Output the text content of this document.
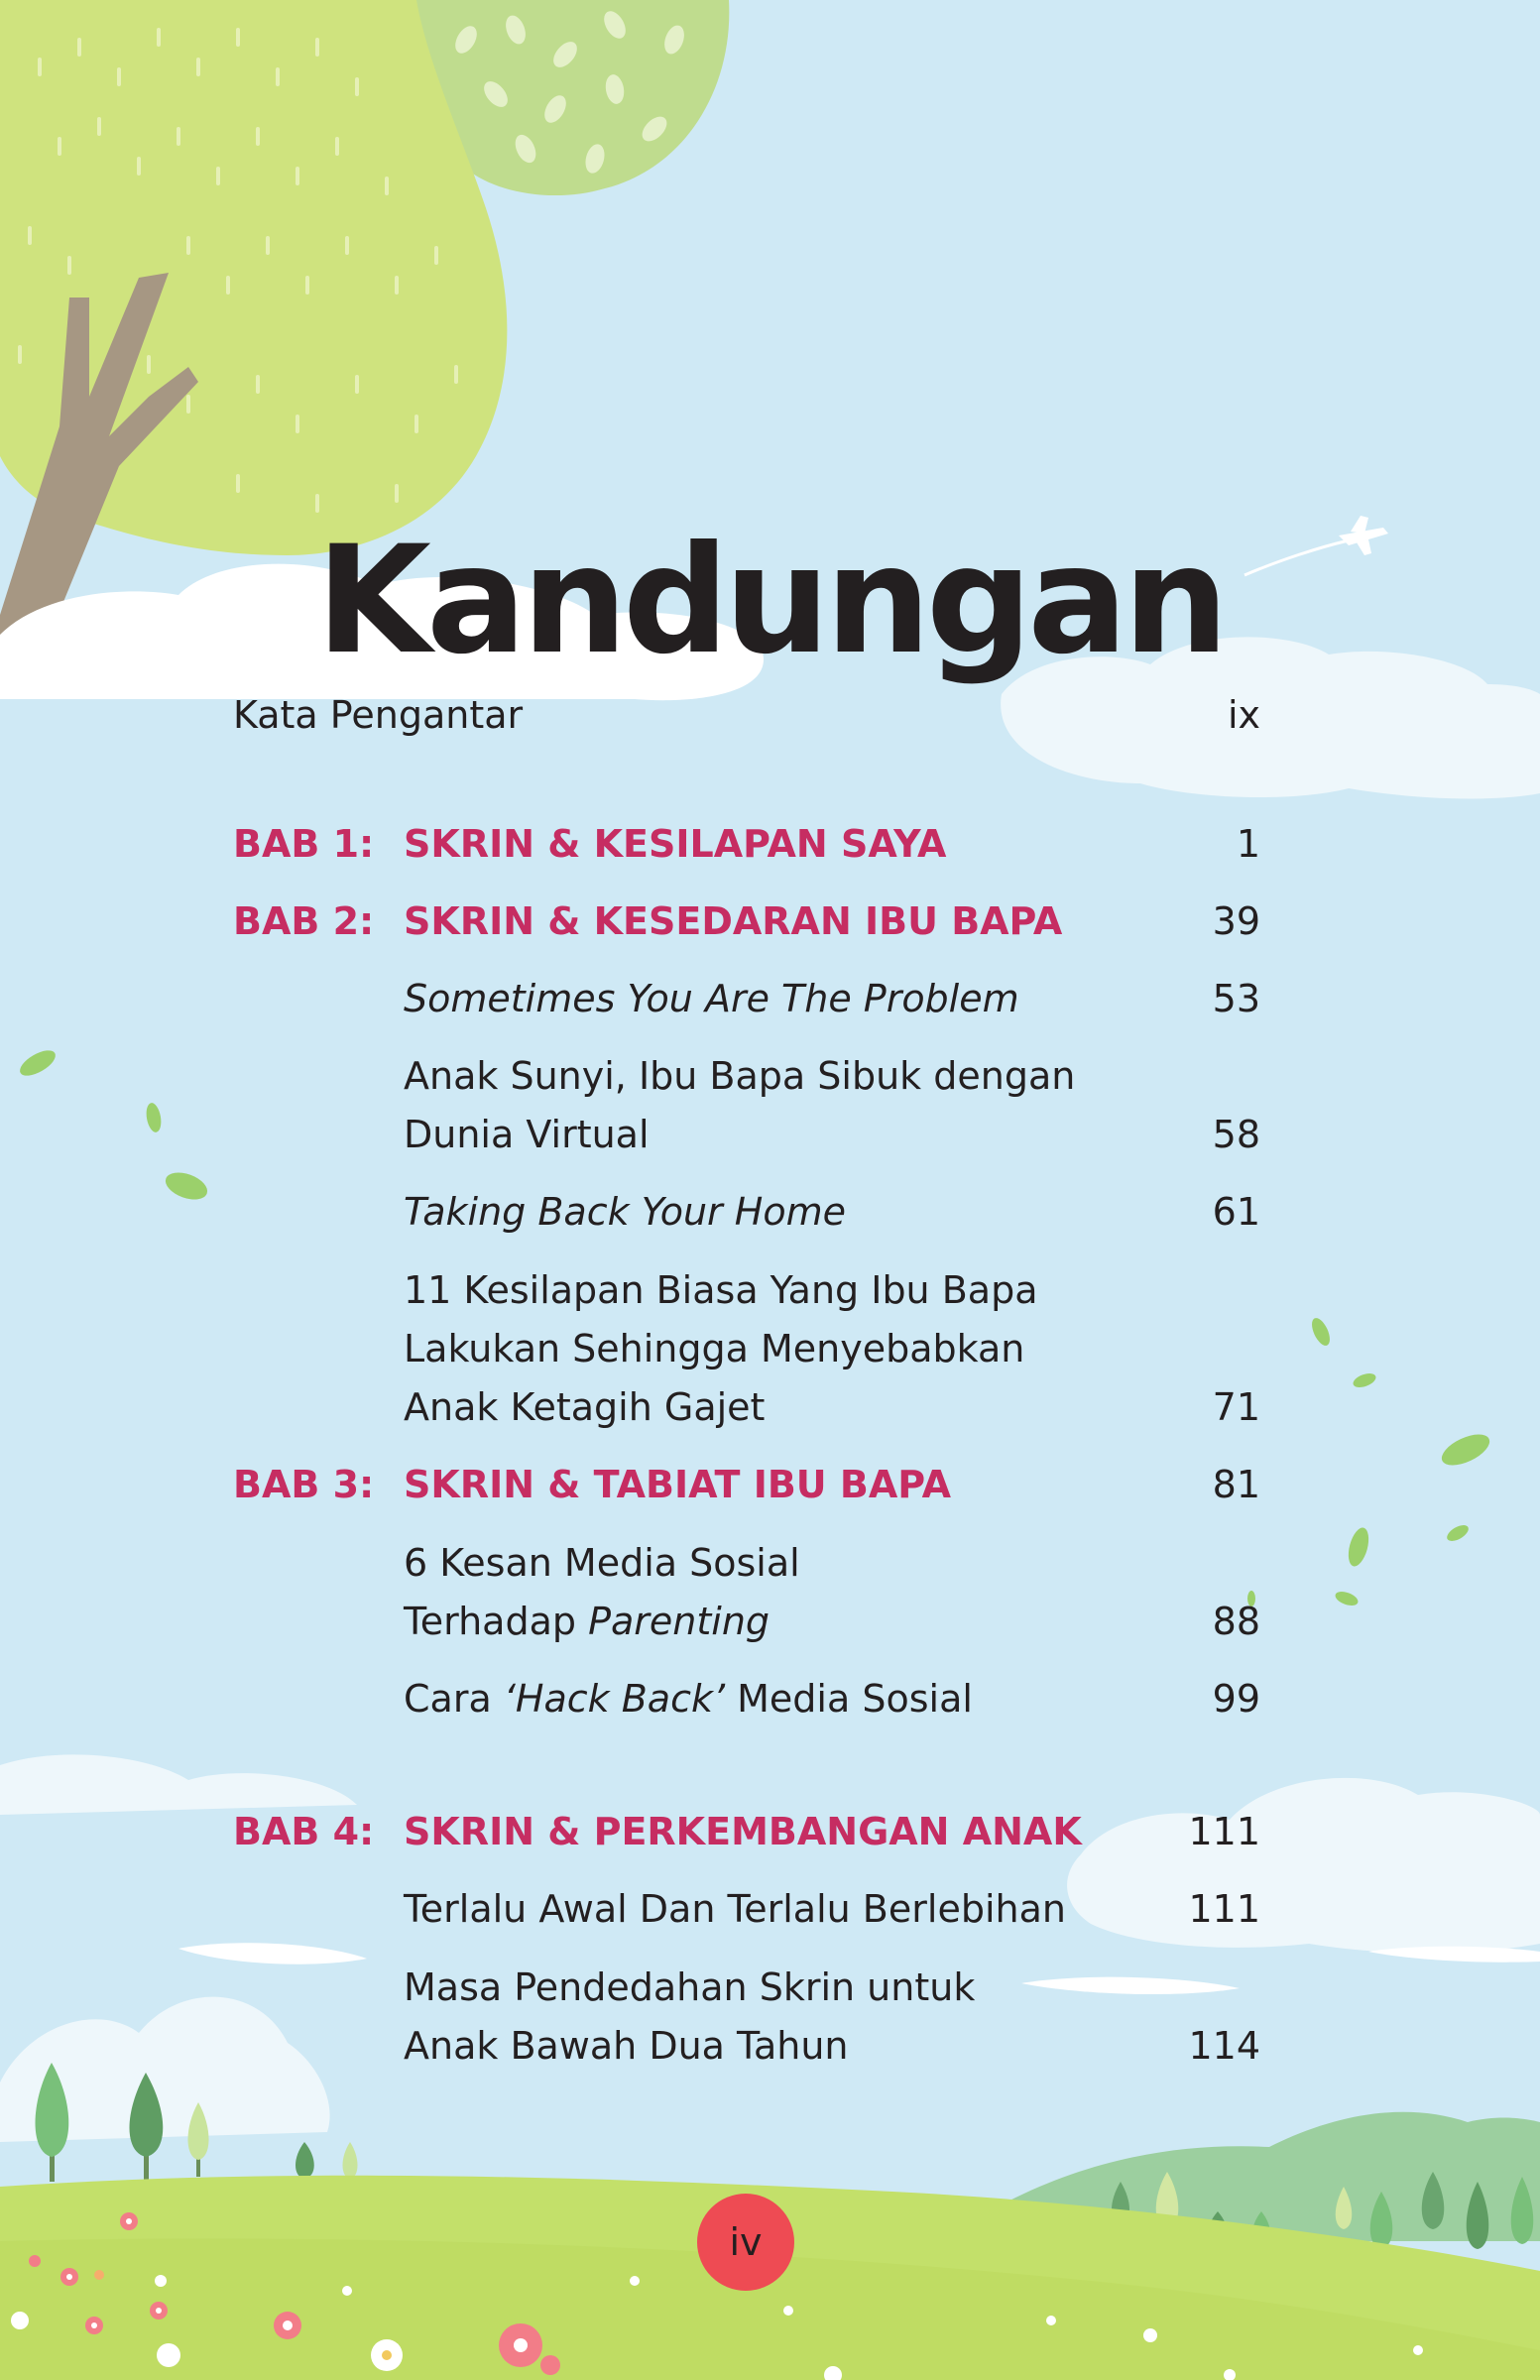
Kandungan
Kata Pengantar	ix
BAB 1: SKRIN & KESILAPAN SAYA	1
BAB 2: SKRIN & KESEDARAN IBU BAPA	39
Sometimes You Are The Problem	53
Anak Sunyi, Ibu Bapa Sibuk dengan
Dunia Virtual	58
Taking Back Your Home	61
11 Kesilapan Biasa Yang Ibu Bapa
Lakukan Sehingga Menyebabkan
Anak Ketagih Gajet	71
BAB 3: SKRIN & TABIAT IBU BAPA	81
6 Kesan Media Sosial
Terhadap Parenting	88
Cara ‘Hack Back’ Media Sosial	99
BAB 4: SKRIN & PERKEMBANGAN ANAK	111
Terlalu Awal Dan Terlalu Berlebihan	111
Masa Pendedahan Skrin untuk
Anak Bawah Dua Tahun	114
iv
